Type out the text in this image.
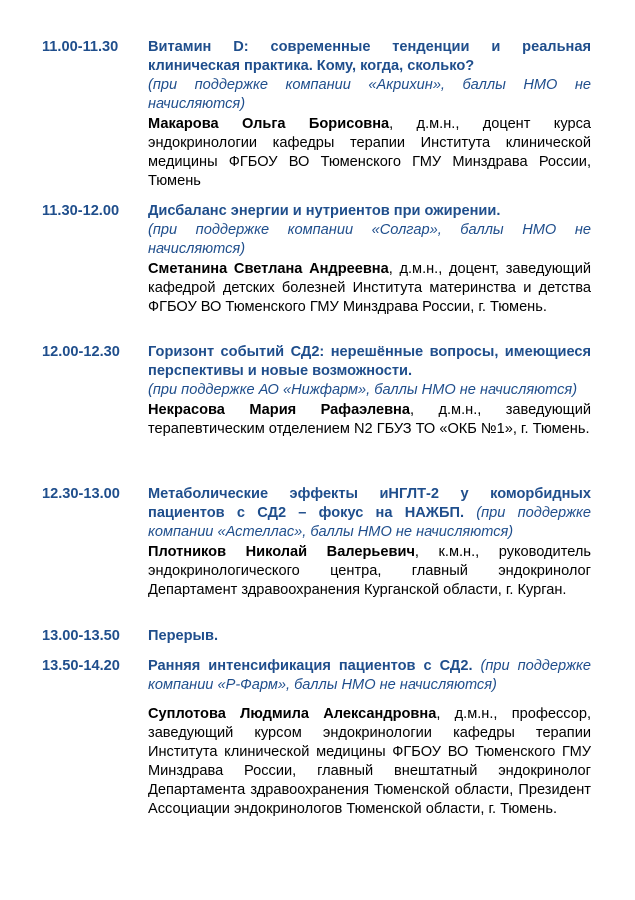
11.00-11.30 Витамин D: современные тенденции и реальная клиническая практика. Кому, когда, сколько?
(при поддержке компании «Акрихин», баллы НМО не начисляются)
Макарова Ольга Борисовна, д.м.н., доцент курса эндокринологии кафедры терапии Института клинической медицины ФГБОУ ВО Тюменского ГМУ Минздрава России, Тюмень
11.30-12.00 Дисбаланс энергии и нутриентов при ожирении.
(при поддержке компании «Солгар», баллы НМО не начисляются)
Сметанина Светлана Андреевна, д.м.н., доцент, заведующий кафедрой детских болезней Института материнства и детства ФГБОУ ВО Тюменского ГМУ Минздрава России, г. Тюмень.
12.00-12.30 Горизонт событий СД2: нерешённые вопросы, имеющиеся перспективы и новые возможности.
(при поддержке АО «Нижфарм», баллы НМО не начисляются)
Некрасова Мария Рафаэлевна, д.м.н., заведующий терапевтическим отделением N2 ГБУЗ ТО «ОКБ №1», г. Тюмень.
12.30-13.00 Метаболические эффекты иНГЛТ-2 у коморбидных пациентов с СД2 – фокус на НАЖБП. (при поддержке компании «Астеллас», баллы НМО не начисляются)
Плотников Николай Валерьевич, к.м.н., руководитель эндокринологического центра, главный эндокринолог Департамент здравоохранения Курганской области, г. Курган.
13.00-13.50 Перерыв.
13.50-14.20 Ранняя интенсификация пациентов с СД2. (при поддержке компании «Р-Фарм», баллы НМО не начисляются)
Суплотова Людмила Александровна, д.м.н., профессор, заведующий курсом эндокринологии кафедры терапии Института клинической медицины ФГБОУ ВО Тюменского ГМУ Минздрава России, главный внештатный эндокринолог Департамента здравоохранения Тюменской области, Президент Ассоциации эндокринологов Тюменской области, г. Тюмень.
